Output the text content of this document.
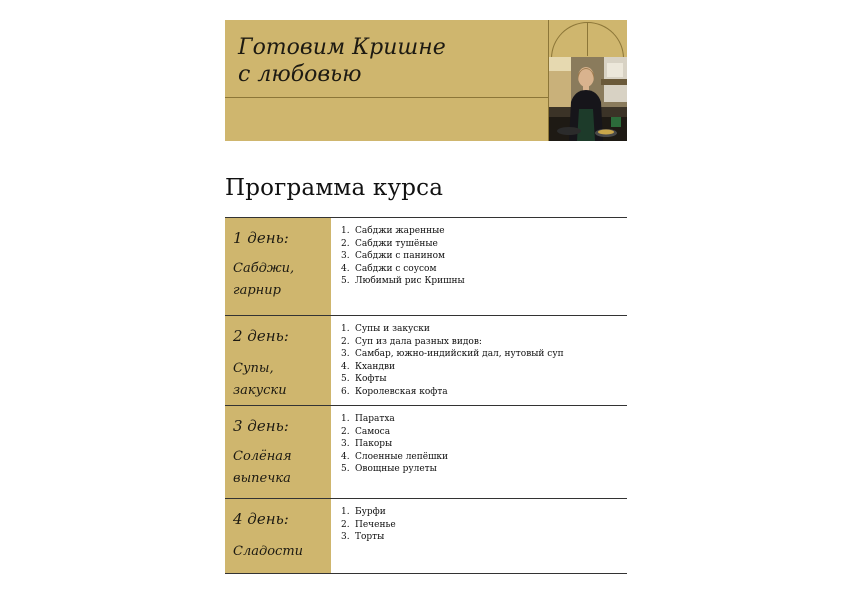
Готовим Кришне
с любовью
Программа курса
1 день:
Сабджи,
гарнир
1. Сабджи жаренные
2. Сабджи тушёные
3. Сабджи с панином
4. Сабджи с соусом
5. Любимый рис Кришны
2 день:
Супы, закуски
1. Супы и закуски
2. Суп из дала разных видов:
3. Самбар, южно-индийский дал, нутовый суп
4. Кхандви
5. Кофты
6. Королевская кофта
3 день:
Солёная
выпечка
1. Паратха
2. Самоса
3. Пакоры
4. Слоенные лепёшки
5. Овощные рулеты
4 день:
Сладости
1. Бурфи
2. Печенье
3. Торты
